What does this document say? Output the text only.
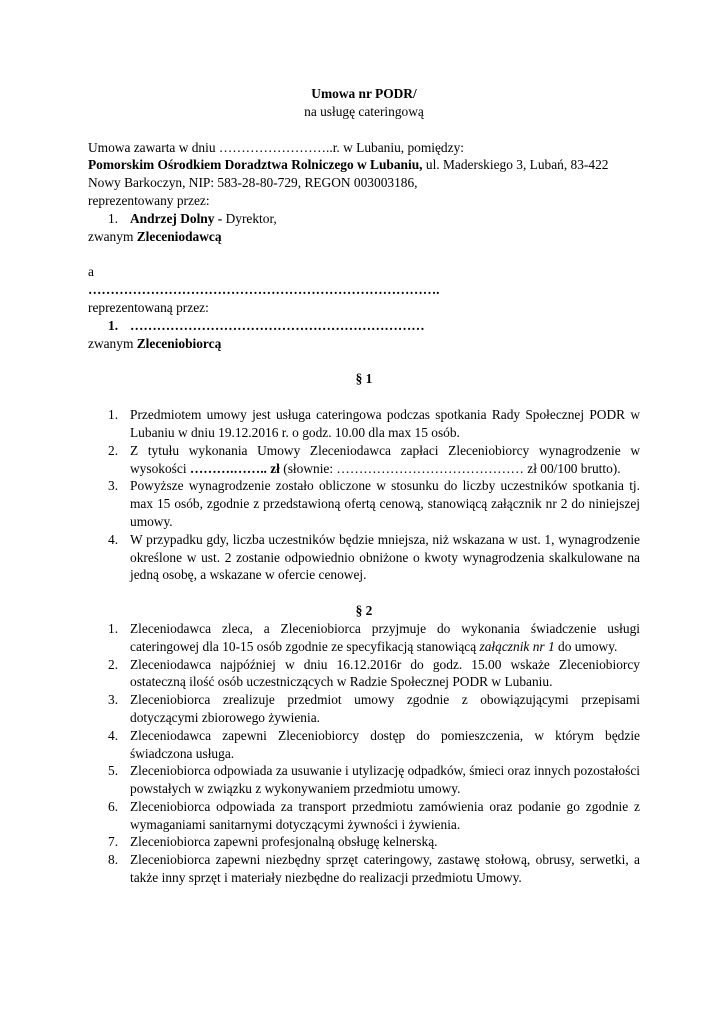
Umowa nr PODR/

na usługę cateringową

Umowa zawarta w dniu ……………………..r. w Lubaniu, pomiędzy:

Pomorskim Ośrodkiem Doradztwa Rolniczego w Lubaniu, ul. Maderskiego 3, Lubań, 83-422

Nowy Barkoczyn, NIP: 583-28-80-729, REGON 003003186,

reprezentowany przez:

1. Andrzej Dolny - Dyrektor,

zwanym Zleceniodawcą

a

…………………………………………………………………….

reprezentowaną przez:

1. …………………………………………………………

zwanym Zleceniobiorcą

§ 1

1. Przedmiotem umowy jest usługa cateringowa podczas spotkania Rady Społecznej PODR w Lubaniu w dniu 19.12.2016 r. o godz. 10.00 dla max 15 osób.
2. Z tytułu wykonania Umowy Zleceniodawca zapłaci Zleceniobiorcy wynagrodzenie w wysokości ……….…….. zł (słownie: …………………………………… zł 00/100 brutto).
3. Powyższe wynagrodzenie zostało obliczone w stosunku do liczby uczestników spotkania tj. max 15 osób, zgodnie z przedstawioną ofertą cenową, stanowiącą załącznik nr 2 do niniejszej umowy.
4. W przypadku gdy, liczba uczestników będzie mniejsza, niż wskazana w ust. 1, wynagrodzenie określone w ust. 2 zostanie odpowiednio obniżone o kwoty wynagrodzenia skalkulowane na jedną osobę, a wskazane w ofercie cenowej.

§ 2

1. Zleceniodawca zleca, a Zleceniobiorca przyjmuje do wykonania świadczenie usługi cateringowej dla 10-15 osób zgodnie ze specyfikacją stanowiącą załącznik nr 1 do umowy.
2. Zleceniodawca najpóźniej w dniu 16.12.2016r do godz. 15.00 wskaże Zleceniobiorcy ostateczną ilość osób uczestniczących w Radzie Społecznej PODR w Lubaniu.
3. Zleceniobiorca zrealizuje przedmiot umowy zgodnie z obowiązującymi przepisami dotyczącymi zbiorowego żywienia.
4. Zleceniodawca zapewni Zleceniobiorcy dostęp do pomieszczenia, w którym będzie świadczona usługa.
5. Zleceniobiorca odpowiada za usuwanie i utylizację odpadków, śmieci oraz innych pozostałości powstałych w związku z wykonywaniem przedmiotu umowy.
6. Zleceniobiorca odpowiada za transport przedmiotu zamówienia oraz podanie go zgodnie z wymaganiami sanitarnymi dotyczącymi żywności i żywienia.
7. Zleceniobiorca zapewni profesjonalną obsługę kelnerską.
8. Zleceniobiorca zapewni niezbędny sprzęt cateringowy, zastawę stołową, obrusy, serwetki, a także inny sprzęt i materiały niezbędne do realizacji przedmiotu Umowy.
